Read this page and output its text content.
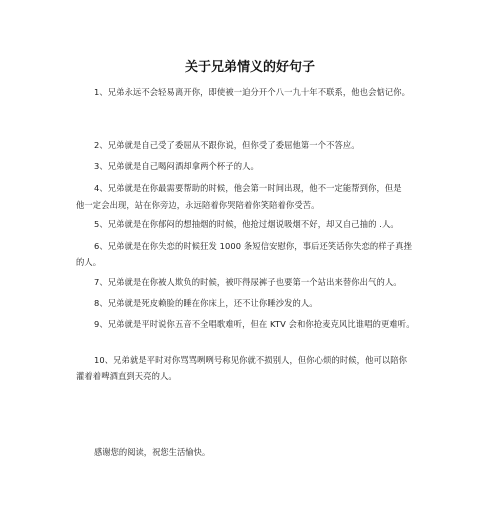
关于兄弟情义的好句子
1、兄弟永远不会轻易离开你，即使被一迫分开个八一九十年不联系，他也会惦记你。
2、兄弟就是自己受了委屈从不跟你说，但你受了委屈他第一个不答应。
3、兄弟就是自己喝闷酒却拿两个杯子的人。
4、兄弟就是在你最需要帮助的时候，他会第一时间出现，他不一定能帮到你，但是
他一定会出现，站在你旁边，永远陪着你哭陪着你笑陪着你受苦。
5、兄弟就是在你郁闷的想抽烟的时候，他抢过烟说吸烟不好，却又自己抽的 .人。
6、兄弟就是在你失恋的时候狂发 1000 条短信安慰你，事后还笑话你失恋的样子真挫
的人。
7、兄弟就是在你被人欺负的时候，被吓得尿裤子也要第一个站出来替你出气的人。
8、兄弟就是死皮赖脸的睡在你床上，还不让你睡沙发的人。
9、兄弟就是平时说你五音不全唱歌难听，但在 KTV 会和你抢麦克风比谁唱的更难听。
10、兄弟就是平时对你骂骂咧咧号称见你就不损别人，但你心烦的时候，他可以陪你
灌着着啤酒直到天亮的人。
感谢您的阅读，祝您生活愉快。
